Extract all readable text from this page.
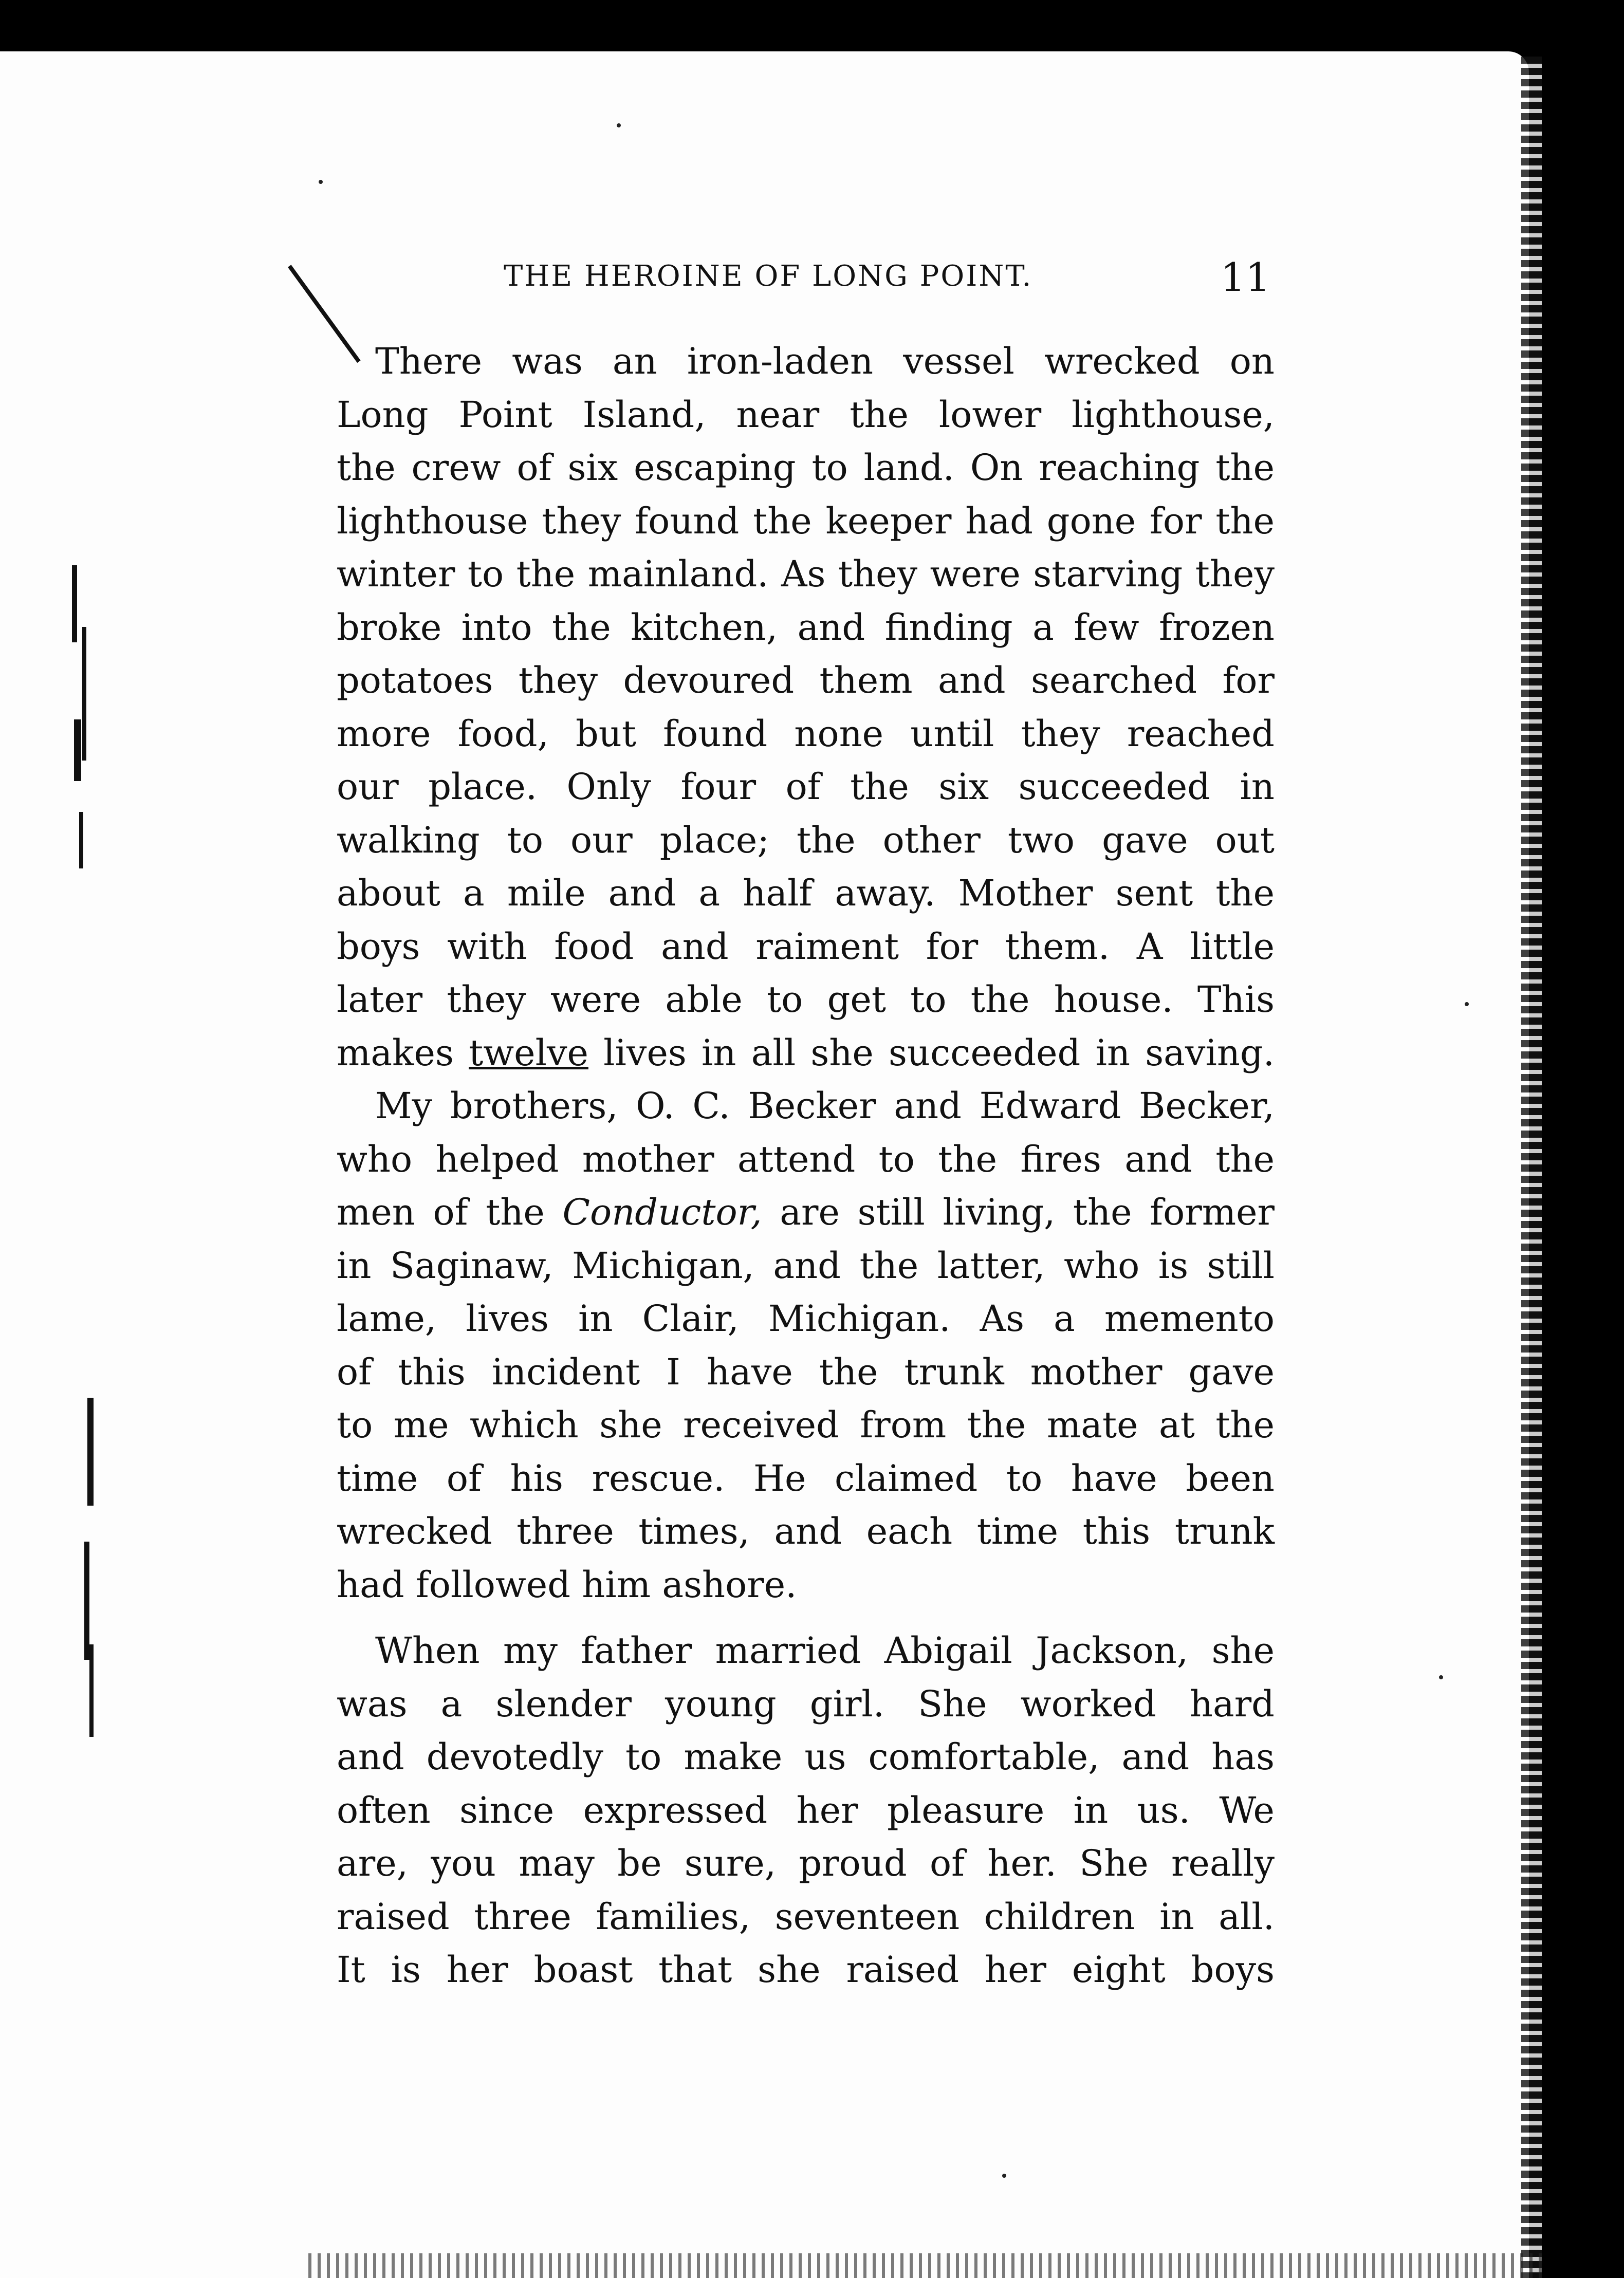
THE HEROINE OF LONG POINT.	11
There was an iron-laden vessel wrecked on
Long Point Island, near the lower lighthouse,
the crew of six escaping to land. On reaching the
lighthouse they found the keeper had gone for the
winter to the mainland. As they were starving they
broke into the kitchen, and finding a few frozen
potatoes they devoured them and searched for
more food, but found none until they reached
our place. Only four of the six succeeded in
walking to our place; the other two gave out
about a mile and a half away. Mother sent the
boys with food and raiment for them. A little
later they were able to get to the house. This
makes twelve lives in all she succeeded in saving.
My brothers, O. C. Becker and Edward Becker,
who helped mother attend to the fires and the
men of the Conductor, are still living, the former
in Saginaw, Michigan, and the latter, who is still
lame, lives in Clair, Michigan. As a memento
of this incident I have the trunk mother gave
to me which she received from the mate at the
time of his rescue. He claimed to have been
wrecked three times, and each time this trunk
had followed him ashore.
When my father married Abigail Jackson, she
was a slender young girl. She worked hard
and devotedly to make us comfortable, and has
often since expressed her pleasure in us. We
are, you may be sure, proud of her. She really
raised three families, seventeen children in all.
It is her boast that she raised her eight boys
